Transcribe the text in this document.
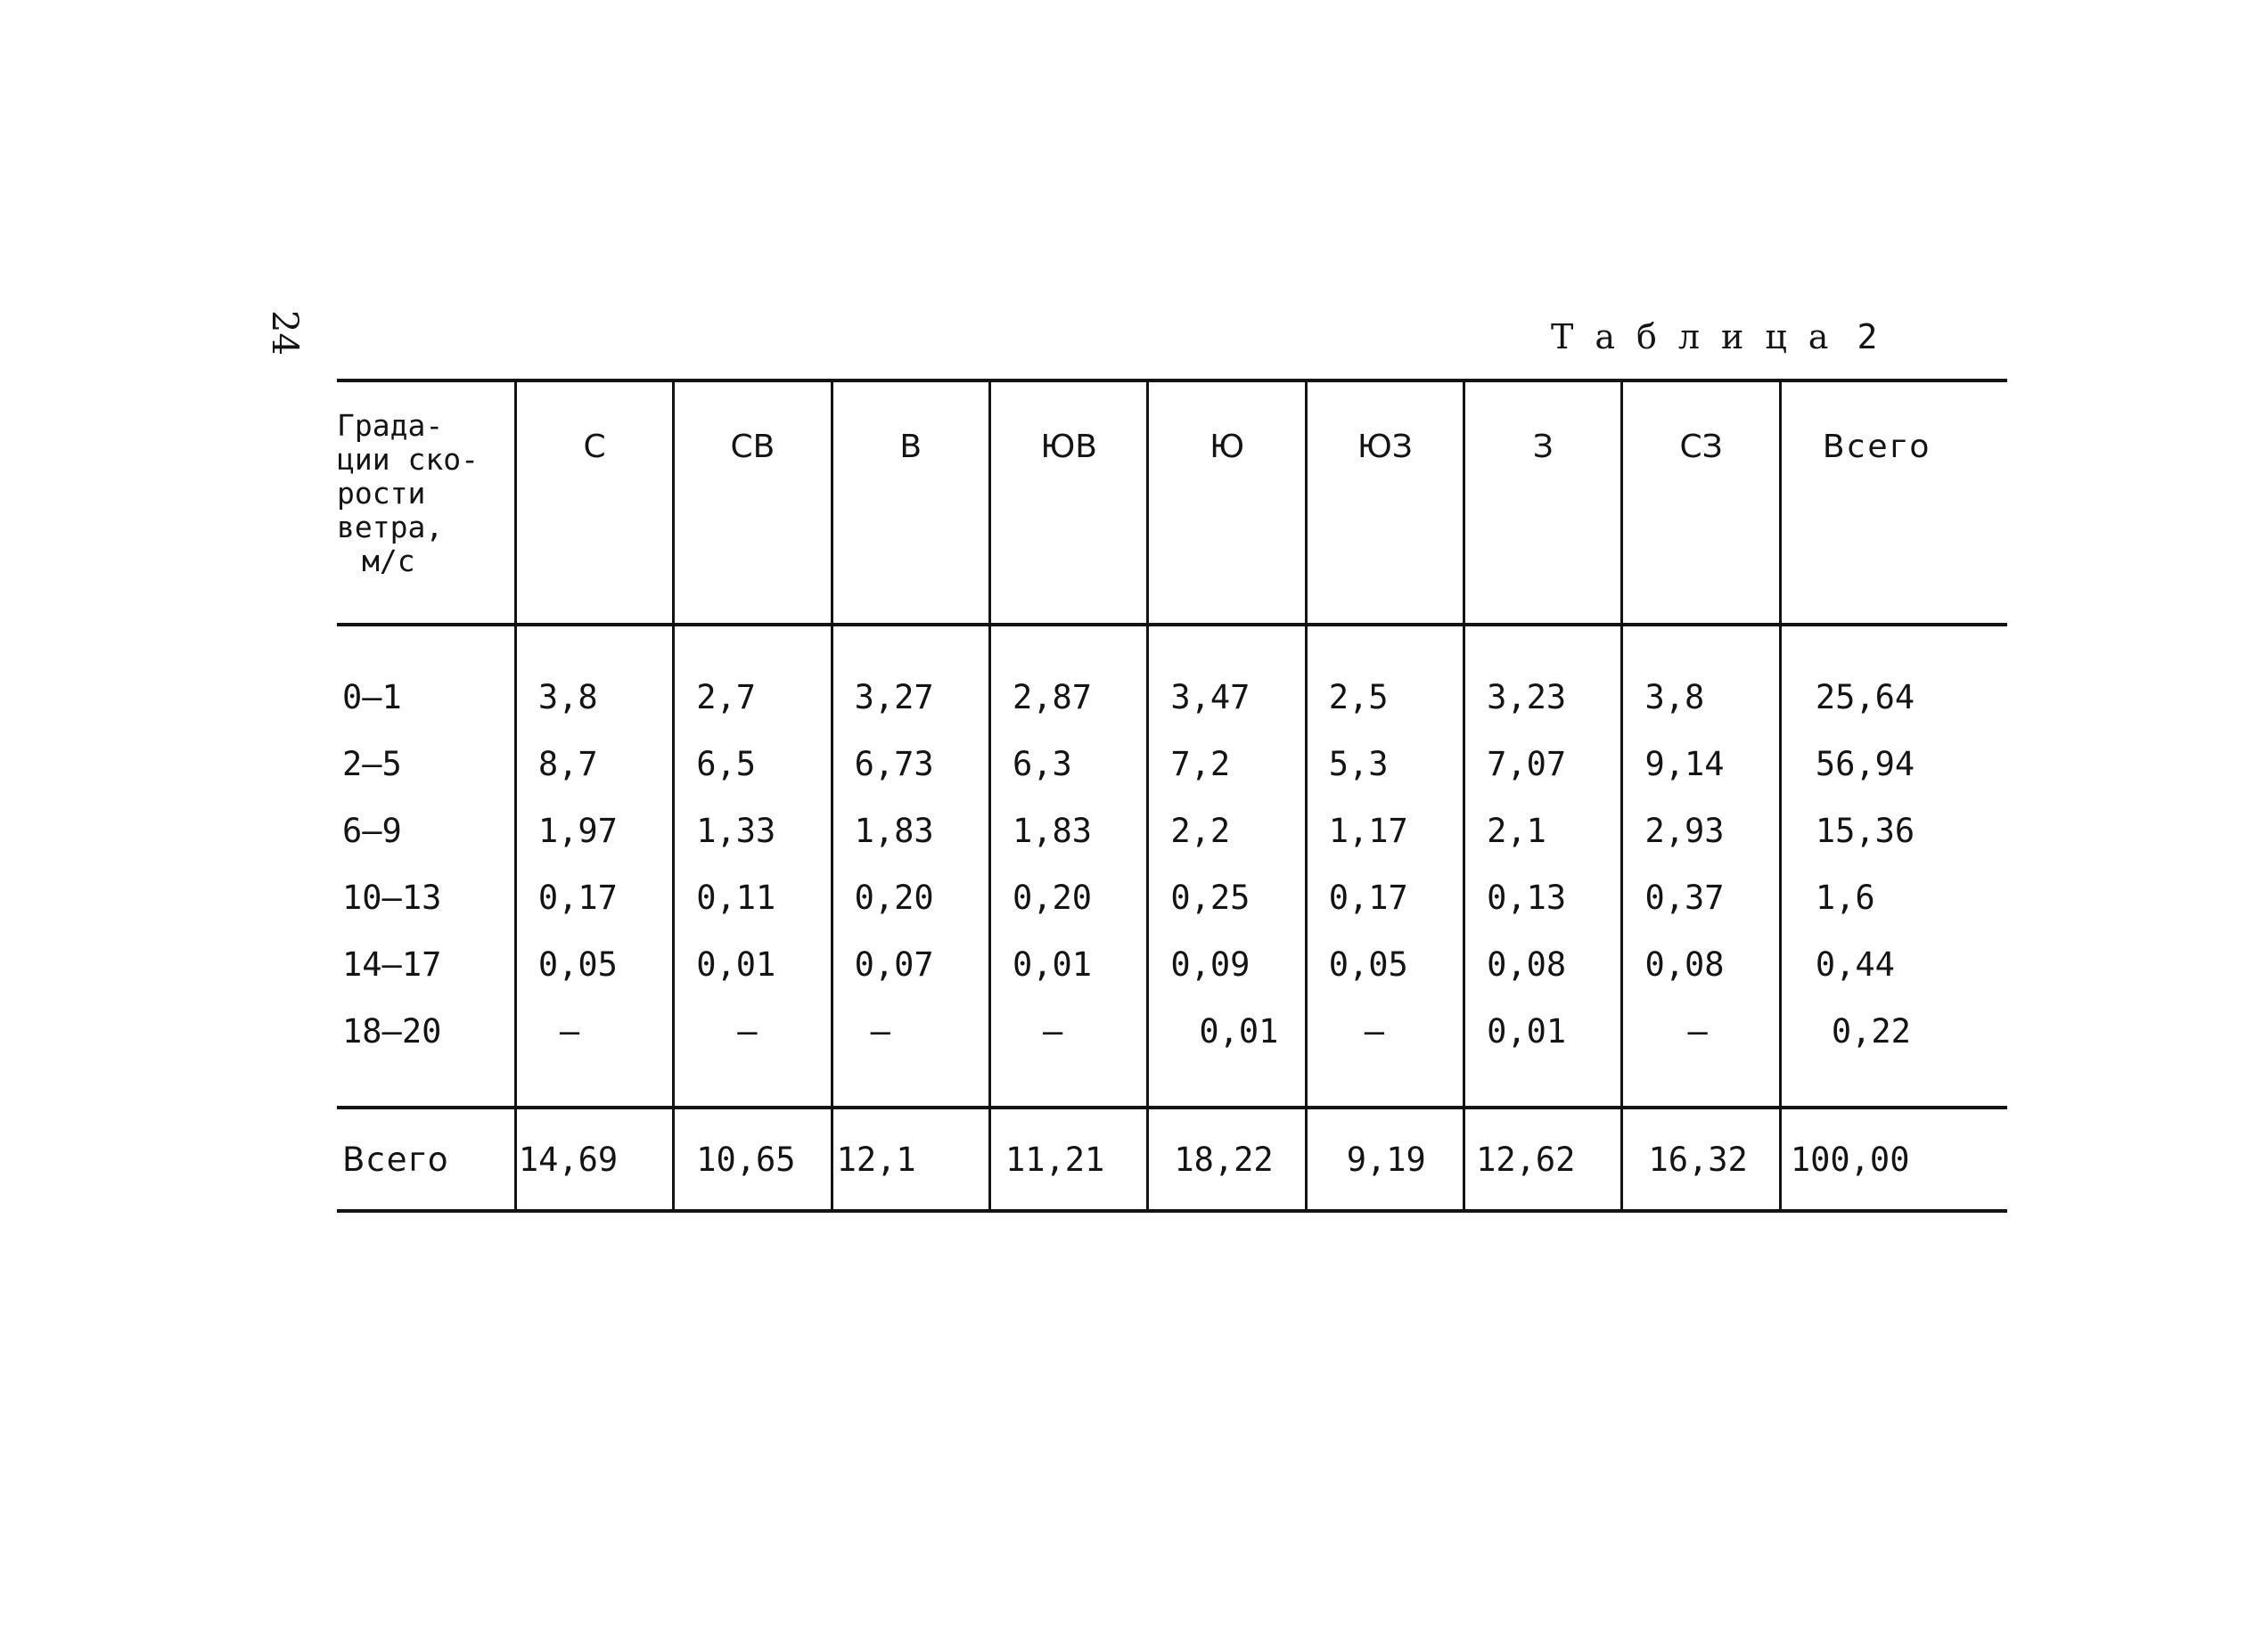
24	Таблица 2
Града-
ции ско-
рости
ветра,
м/с	С	СВ	В	ЮВ	Ю	ЮЗ	З	СЗ	Всего

0–1	3,8	2,7	3,27	2,87	3,47	2,5	3,23	3,8	25,64
2–5	8,7	6,5	6,73	6,3	7,2	5,3	7,07	9,14	56,94
6–9	1,97	1,33	1,83	1,83	2,2	1,17	2,1	2,93	15,36
10–13	0,17	0,11	0,20	0,20	0,25	0,17	0,13	0,37	1,6
14–17	0,05	0,01	0,07	0,01	0,09	0,05	0,08	0,08	0,44
18–20	–	–	–	–	0,01	–	0,01	–	0,22

Всего	14,69	10,65	12,1	11,21	18,22	9,19	12,62	16,32	100,00
